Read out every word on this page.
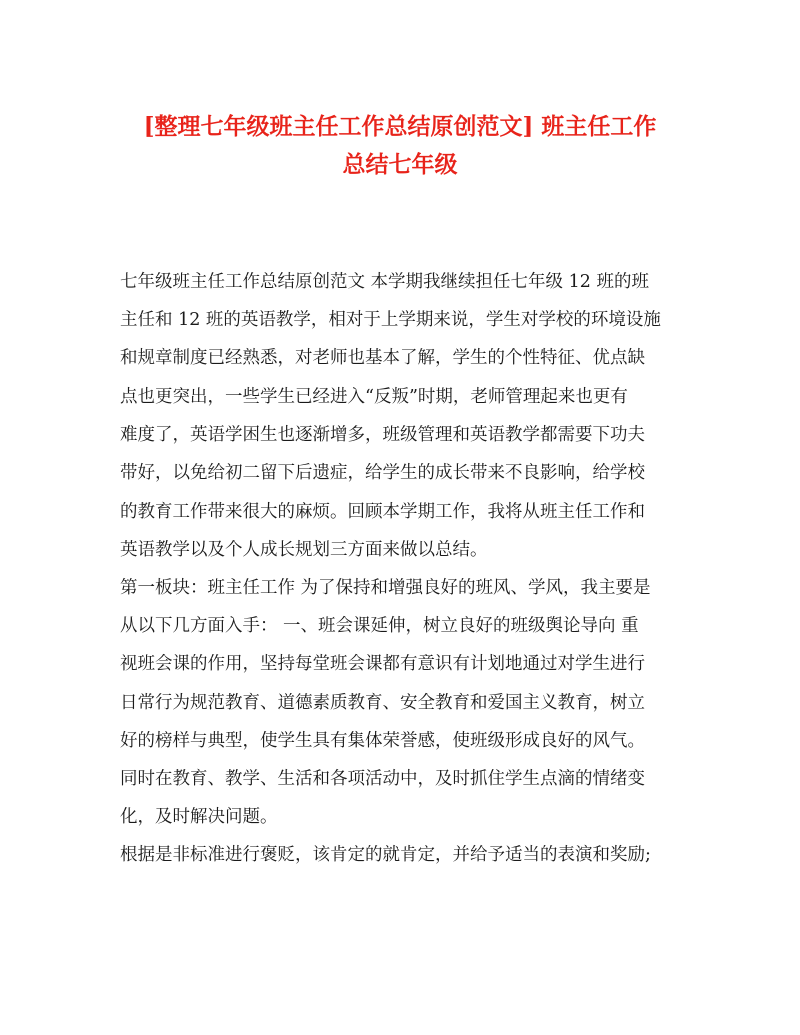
[整理七年级班主任工作总结原创范文] 班主任工作
总结七年级

七年级班主任工作总结原创范文 本学期我继续担任七年级 12 班的班

主任和 12 班的英语教学，相对于上学期来说，学生对学校的环境设施

和规章制度已经熟悉，对老师也基本了解，学生的个性特征、优点缺

点也更突出，一些学生已经进入“反叛”时期，老师管理起来也更有

难度了，英语学困生也逐渐增多，班级管理和英语教学都需要下功夫

带好，以免给初二留下后遗症，给学生的成长带来不良影响，给学校

的教育工作带来很大的麻烦。回顾本学期工作，我将从班主任工作和

英语教学以及个人成长规划三方面来做以总结。

第一板块：班主任工作 为了保持和增强良好的班风、学风，我主要是

从以下几方面入手： 一、班会课延伸，树立良好的班级舆论导向 重

视班会课的作用，坚持每堂班会课都有意识有计划地通过对学生进行

日常行为规范教育、道德素质教育、安全教育和爱国主义教育，树立

好的榜样与典型，使学生具有集体荣誉感，使班级形成良好的风气。

同时在教育、教学、生活和各项活动中，及时抓住学生点滴的情绪变

化，及时解决问题。

根据是非标准进行褒贬，该肯定的就肯定，并给予适当的表演和奖励;
